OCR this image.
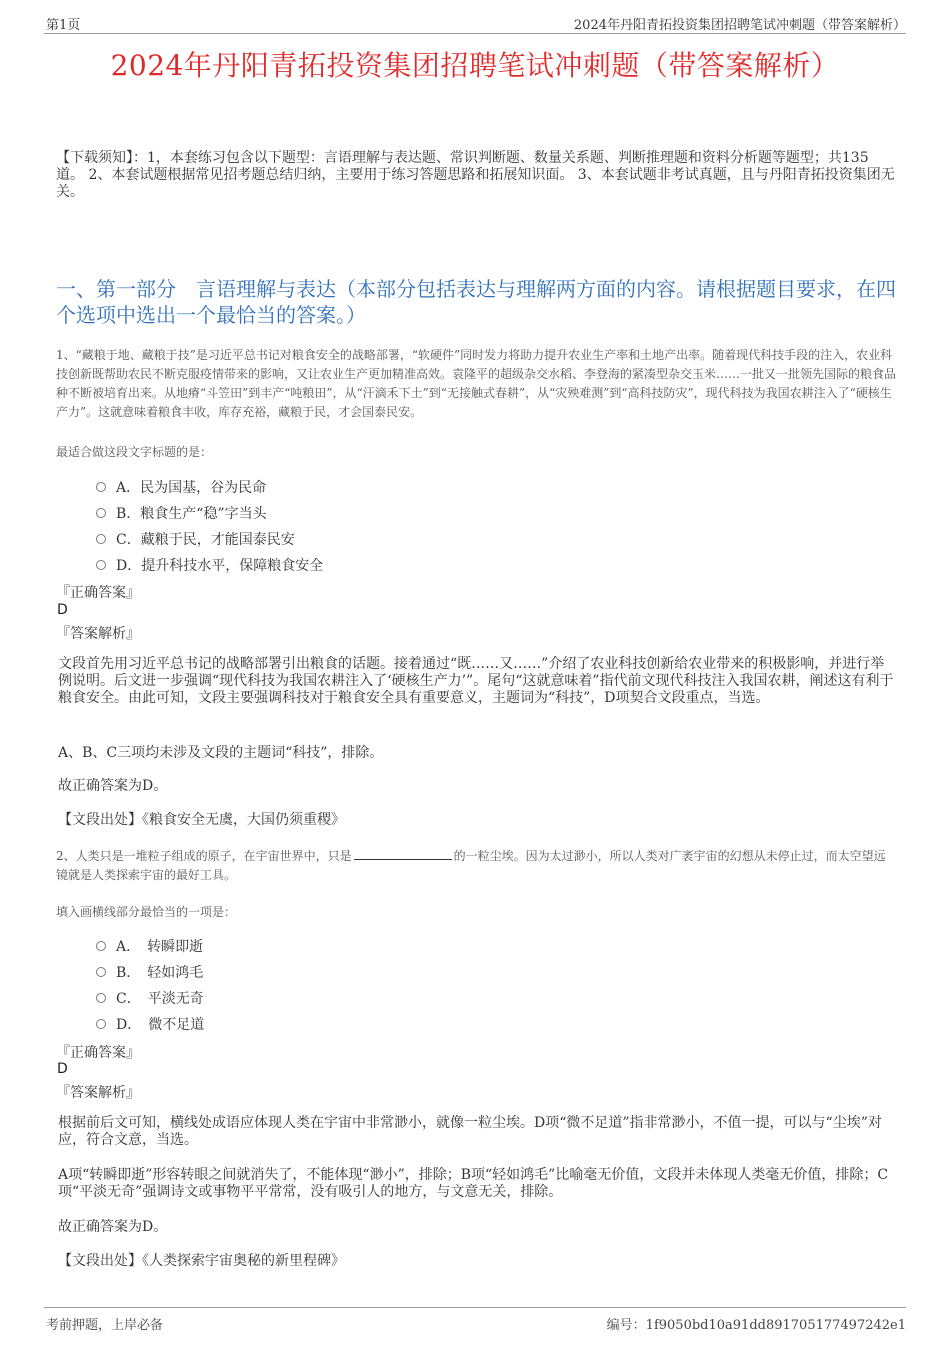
第1页	2024年丹阳青拓投资集团招聘笔试冲刺题（带答案解析）
2024年丹阳青拓投资集团招聘笔试冲刺题（带答案解析）
【下载须知】：1，本套练习包含以下题型：言语理解与表达题、常识判断题、数量关系题、判断推理题和资料分析题等题型；共135道。 2、本套试题根据常见招考题总结归纳，主要用于练习答题思路和拓展知识面。 3、本套试题非考试真题，且与丹阳青拓投资集团无关。
一、第一部分　言语理解与表达（本部分包括表达与理解两方面的内容。请根据题目要求，在四个选项中选出一个最恰当的答案。）
1、“藏粮于地、藏粮于技”是习近平总书记对粮食安全的战略部署，“软硬件”同时发力将助力提升农业生产率和土地产出率。随着现代科技手段的注入，农业科技创新既帮助农民不断克服疫情带来的影响，又让农业生产更加精准高效。袁隆平的超级杂交水稻、李登海的紧凑型杂交玉米……一批又一批领先国际的粮食品种不断被培育出来。从地瘠“斗笠田”到丰产“吨粮田”，从“汗滴禾下土”到“无接触式春耕”，从“灾殃难测”到“高科技防灾”，现代科技为我国农耕注入了“硬核生产力”。这就意味着粮食丰收，库存充裕，藏粮于民，才会国泰民安。
最适合做这段文字标题的是：
A．民为国基，谷为民命
B．粮食生产“稳”字当头
C．藏粮于民，才能国泰民安
D．提升科技水平，保障粮食安全
『正确答案』
D
『答案解析』
文段首先用习近平总书记的战略部署引出粮食的话题。接着通过“既……又……”介绍了农业科技创新给农业带来的积极影响，并进行举例说明。后文进一步强调“现代科技为我国农耕注入了‘硬核生产力’”。尾句“这就意味着”指代前文现代科技注入我国农耕，阐述这有利于粮食安全。由此可知，文段主要强调科技对于粮食安全具有重要意义，主题词为“科技”，D项契合文段重点，当选。
A、B、C三项均未涉及文段的主题词“科技”，排除。
故正确答案为D。
【文段出处】《粮食安全无虞，大国仍须重稷》
2、人类只是一堆粒子组成的原子，在宇宙世界中，只是	的一粒尘埃。因为太过渺小，所以人类对广袤宇宙的幻想从未停止过，而太空望远镜就是人类探索宇宙的最好工具。
填入画横线部分最恰当的一项是：
A．　转瞬即逝
B．　轻如鸿毛
C．　平淡无奇
D．　微不足道
『正确答案』
D
『答案解析』
根据前后文可知，横线处成语应体现人类在宇宙中非常渺小，就像一粒尘埃。D项“微不足道”指非常渺小，不值一提，可以与“尘埃”对应，符合文意，当选。
A项“转瞬即逝”形容转眼之间就消失了，不能体现“渺小”，排除；B项“轻如鸿毛”比喻毫无价值，文段并未体现人类毫无价值，排除；C项“平淡无奇”强调诗文或事物平平常常，没有吸引人的地方，与文意无关，排除。
故正确答案为D。
【文段出处】《人类探索宇宙奥秘的新里程碑》
考前押题，上岸必备	编号：1f9050bd10a91dd891705177497242e1
